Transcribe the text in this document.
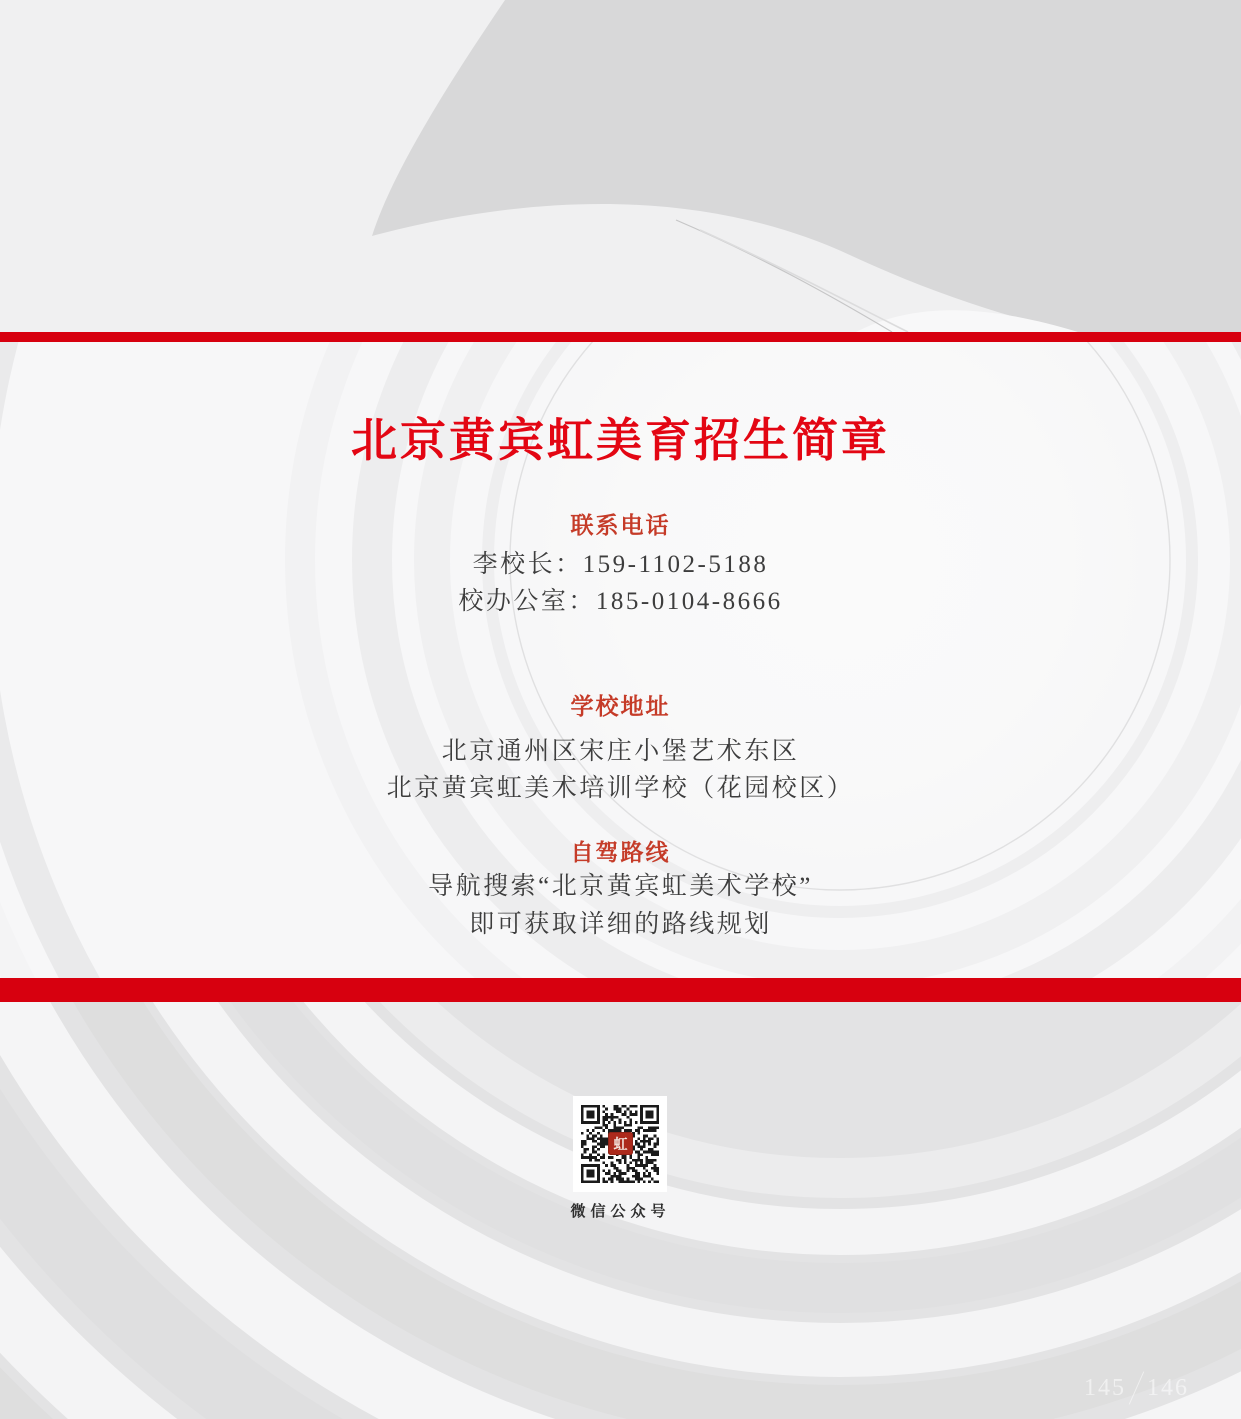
北京黄宾虹美育招生简章
联系电话
李校长：159-1102-5188
校办公室：185-0104-8666
学校地址
北京通州区宋庄小堡艺术东区
北京黄宾虹美术培训学校（花园校区）
自驾路线
导航搜索“北京黄宾虹美术学校”
即可获取详细的路线规划
虹
微信公众号
145 146
